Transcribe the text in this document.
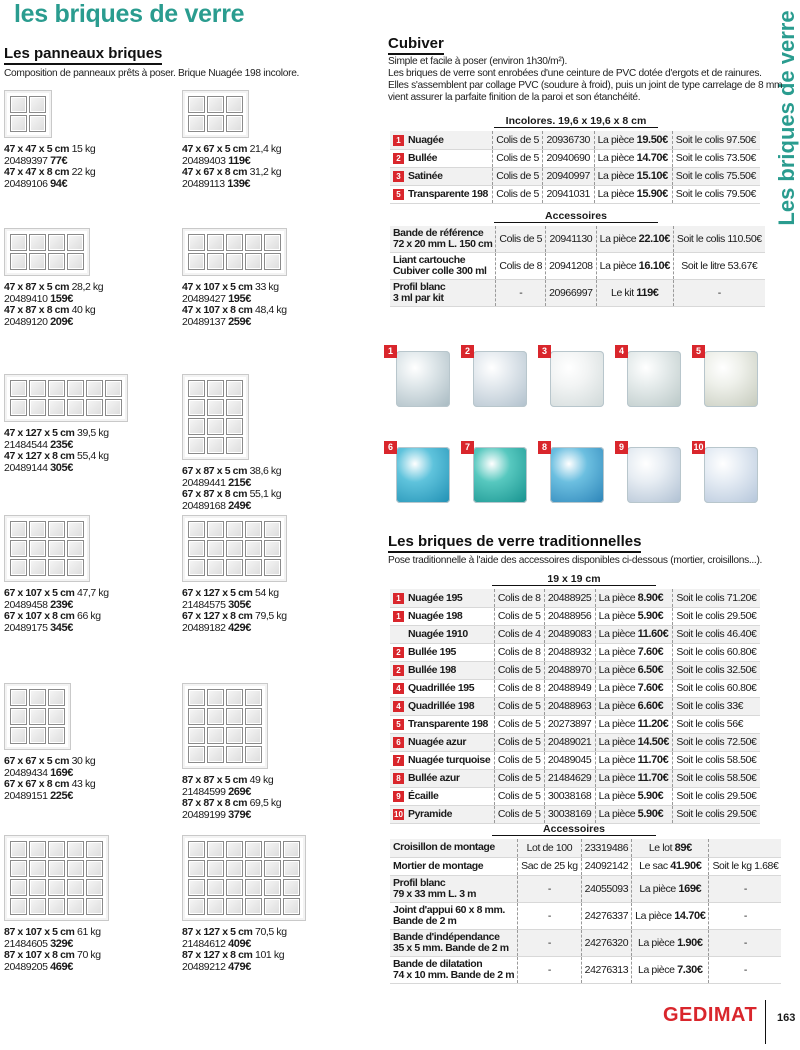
les briques de verre	Les briques de verre
Les panneaux briques
Composition de panneaux prêts à poser. Brique Nuagée 198 incolore.
47 x 47 x 5 cm 15 kg
20489397 77€
47 x 47 x 8 cm 22 kg
20489106 94€
47 x 67 x 5 cm 21,4 kg
20489403 119€
47 x 67 x 8 cm 31,2 kg
20489113 139€
47 x 87 x 5 cm 28,2 kg
20489410 159€
47 x 87 x 8 cm 40 kg
20489120 209€
47 x 107 x 5 cm 33 kg
20489427 195€
47 x 107 x 8 cm 48,4 kg
20489137 259€
47 x 127 x 5 cm 39,5 kg
21484544 235€
47 x 127 x 8 cm 55,4 kg
20489144 305€	67 x 87 x 5 cm 38,6 kg
20489441 215€
67 x 87 x 8 cm 55,1 kg
20489168 249€
67 x 107 x 5 cm 47,7 kg
20489458 239€
67 x 107 x 8 cm 66 kg
20489175 345€
67 x 127 x 5 cm 54 kg
21484575 305€
67 x 127 x 8 cm 79,5 kg
20489182 429€
67 x 67 x 5 cm 30 kg
20489434 169€
67 x 67 x 8 cm 43 kg
20489151 225€
87 x 87 x 5 cm 49 kg
21484599 269€
87 x 87 x 8 cm 69,5 kg
20489199 379€
87 x 107 x 5 cm 61 kg
21484605 329€
87 x 107 x 8 cm 70 kg
20489205 469€
87 x 127 x 5 cm 70,5 kg
21484612 409€
87 x 127 x 8 cm 101 kg
20489212 479€
Cubiver
Simple et facile à poser (environ 1h30/m²).
Les briques de verre sont enrobées d'une ceinture de PVC dotée d'ergots et de rainures.
Elles s'assemblent par collage PVC (soudure à froid), puis un joint de type carrelage de 8 mm
vient assurer la parfaite finition de la paroi et son étanchéité.
Incolores. 19,6 x 19,6 x 8 cm
1 Nuagée	Colis de 5	20936730	La pièce 19.50€	Soit le colis 97.50€
2 Bullée	Colis de 5	20940690	La pièce 14.70€	Soit le colis 73.50€
3 Satinée	Colis de 5	20940997	La pièce 15.10€	Soit le colis 75.50€
5 Transparente 198	Colis de 5	20941031	La pièce 15.90€	Soit le colis 79.50€
Accessoires
Bande de référence
72 x 20 mm L. 150 cm	Colis de 5	20941130	La pièce 22.10€	Soit le colis 110.50€

Liant cartouche
Cubiver colle 300 ml	Colis de 8	20941208	La pièce 16.10€	Soit le litre 53.67€

Profil blanc
3 ml par kit	-	20966997	Le kit 119€	-
1	2	3	4	5
6	7	8	9	10
Les briques de verre traditionnelles
Pose traditionnelle à l'aide des accessoires disponibles ci-dessous (mortier, croisillons...).
19 x 19 cm
1 Nuagée 195	Colis de 8	20488925	La pièce 8.90€	Soit le colis 71.20€
1 Nuagée 198	Colis de 5	20488956	La pièce 5.90€	Soit le colis 29.50€
Nuagée 1910	Colis de 4	20489083	La pièce 11.60€	Soit le colis 46.40€
2 Bullée 195	Colis de 8	20488932	La pièce 7.60€	Soit le colis 60.80€
2 Bullée 198	Colis de 5	20488970	La pièce 6.50€	Soit le colis 32.50€
4 Quadrillée 195	Colis de 8	20488949	La pièce 7.60€	Soit le colis 60.80€
4 Quadrillée 198	Colis de 5	20488963	La pièce 6.60€	Soit le colis 33€
5 Transparente 198	Colis de 5	20273897	La pièce 11.20€	Soit le colis 56€
6 Nuagée azur	Colis de 5	20489021	La pièce 14.50€	Soit le colis 72.50€
7 Nuagée turquoise	Colis de 5	20489045	La pièce 11.70€	Soit le colis 58.50€
8 Bullée azur	Colis de 5	21484629	La pièce 11.70€	Soit le colis 58.50€
9 Écaille	Colis de 5	30038168	La pièce 5.90€	Soit le colis 29.50€
10 Pyramide	Colis de 5	30038169	La pièce 5.90€	Soit le colis 29.50€
Accessoires
Croisillon de montage	Lot de 100	23319486	Le lot 89€	

Mortier de montage	Sac de 25 kg	24092142	Le sac 41.90€	Soit le kg 1.68€

Profil blanc
79 x 33 mm L. 3 m	-	24055093	La pièce 169€	-

Joint d'appui 60 x 8 mm.
Bande de 2 m	-	24276337	La pièce 14.70€	-

Bande d'indépendance
35 x 5 mm. Bande de 2 m	-	24276320	La pièce 1.90€	-

Bande de dilatation
74 x 10 mm. Bande de 2 m	-	24276313	La pièce 7.30€	-
GEDIMAT 163
